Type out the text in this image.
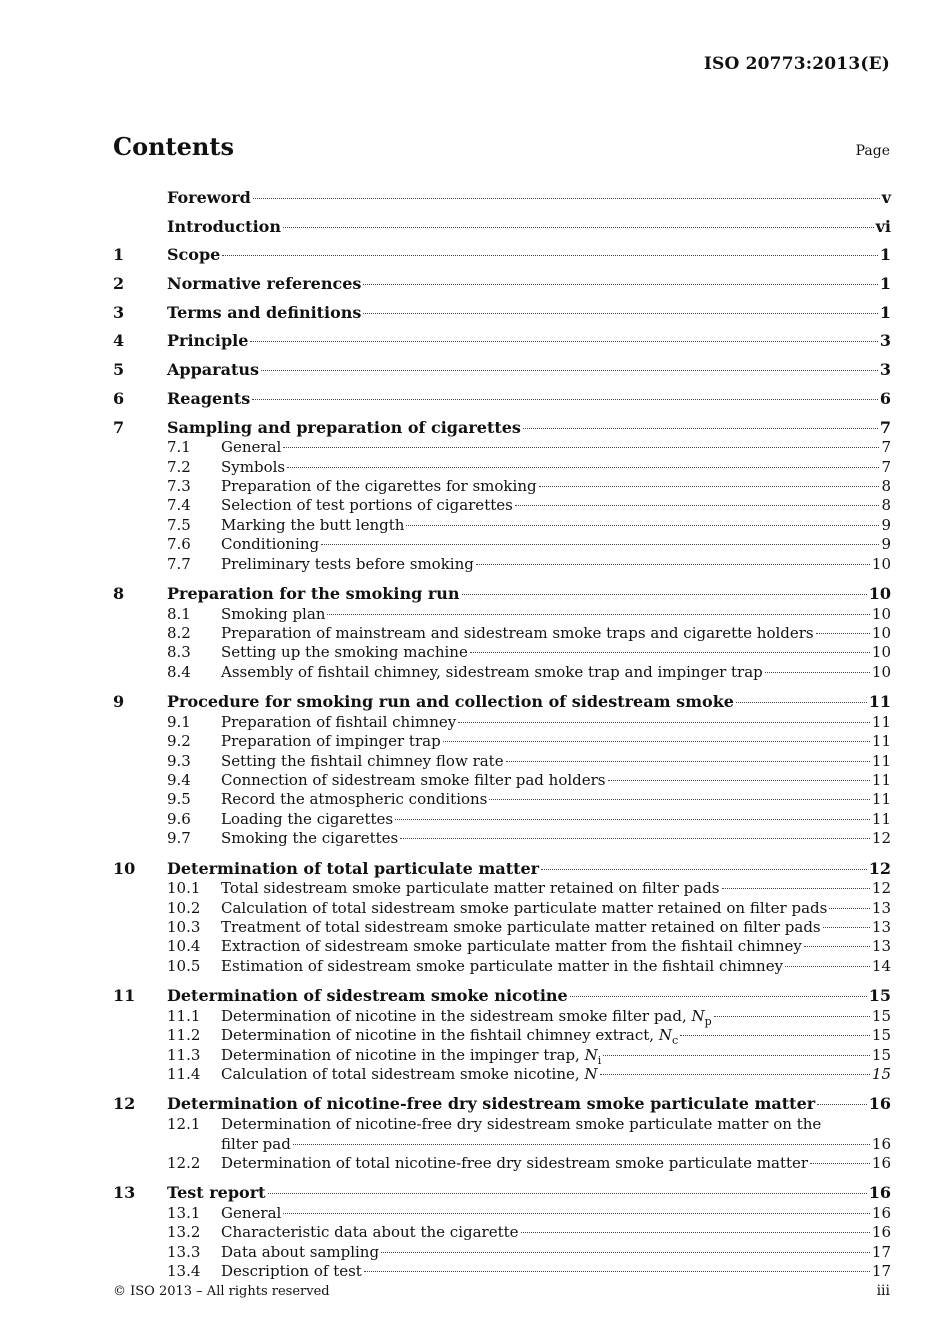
ISO 20773:2013(E)
Contents	Page
Foreword	v
Introduction	vi
1	Scope	1
2	Normative references	1
3	Terms and definitions	1
4	Principle	3
5	Apparatus	3
6	Reagents	6
7	Sampling and preparation of cigarettes	7
7.1	General	7
7.2	Symbols	7
7.3	Preparation of the cigarettes for smoking	8
7.4	Selection of test portions of cigarettes	8
7.5	Marking the butt length	9
7.6	Conditioning	9
7.7	Preliminary tests before smoking	10
8	Preparation for the smoking run	10
8.1	Smoking plan	10
8.2	Preparation of mainstream and sidestream smoke traps and cigarette holders	10
8.3	Setting up the smoking machine	10
8.4	Assembly of fishtail chimney, sidestream smoke trap and impinger trap	10
9	Procedure for smoking run and collection of sidestream smoke	11
9.1	Preparation of fishtail chimney	11
9.2	Preparation of impinger trap	11
9.3	Setting the fishtail chimney flow rate	11
9.4	Connection of sidestream smoke filter pad holders	11
9.5	Record the atmospheric conditions	11
9.6	Loading the cigarettes	11
9.7	Smoking the cigarettes	12
10	Determination of total particulate matter	12
10.1	Total sidestream smoke particulate matter retained on filter pads	12
10.2	Calculation of total sidestream smoke particulate matter retained on filter pads	13
10.3	Treatment of total sidestream smoke particulate matter retained on filter pads	13
10.4	Extraction of sidestream smoke particulate matter from the fishtail chimney	13
10.5	Estimation of sidestream smoke particulate matter in the fishtail chimney	14
11	Determination of sidestream smoke nicotine	15
11.1	Determination of nicotine in the sidestream smoke filter pad, $N_p$	15
11.2	Determination of nicotine in the fishtail chimney extract, $N_c$	15
11.3	Determination of nicotine in the impinger trap, $N_i$	15
11.4	Calculation of total sidestream smoke nicotine, N	15
12	Determination of nicotine-free dry sidestream smoke particulate matter	16
12.1	Determination of nicotine-free dry sidestream smoke particulate matter on the
filter pad	16
12.2	Determination of total nicotine-free dry sidestream smoke particulate matter	16
13	Test report	16
13.1	General	16
13.2	Characteristic data about the cigarette	16
13.3	Data about sampling	17
13.4	Description of test	17
© ISO 2013 – All rights reserved	iii
